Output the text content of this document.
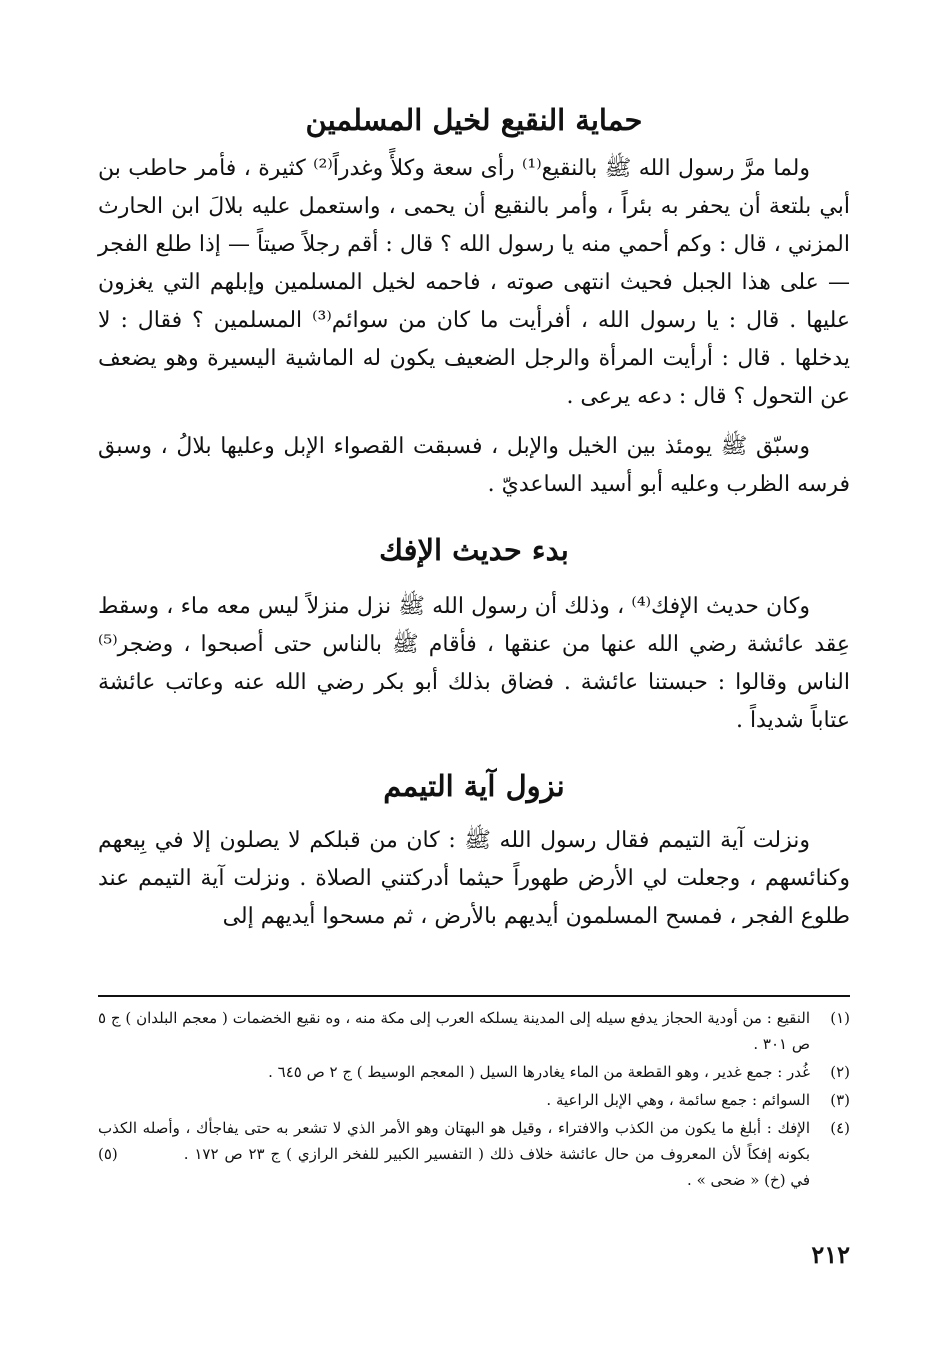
حماية النقيع لخيل المسلمين

ولما مرَّ رسول الله ﷺ بالنقيع⁽¹⁾ رأى سعة وكلأً وغدراً⁽²⁾ كثيرة ، فأمر حاطب بن أبي بلتعة أن يحفر به بئراً ، وأمر بالنقيع أن يحمى ، واستعمل عليه بلالَ ابن الحارث المزني ، قال : وكم أحمي منه يا رسول الله ؟ قال : أقم رجلاً صيتاً — إذا طلع الفجر — على هذا الجبل فحيث انتهى صوته ، فاحمه لخيل المسلمين وإبلهم التي يغزون عليها . قال : يا رسول الله ، أفرأيت ما كان من سوائم⁽³⁾ المسلمين ؟ فقال : لا يدخلها . قال : أرأيت المرأة والرجل الضعيف يكون له الماشية اليسيرة وهو يضعف عن التحول ؟ قال : دعه يرعى .

وسبّق ﷺ يومئذ بين الخيل والإبل ، فسبقت القصواء الإبل وعليها بلالُ ، وسبق فرسه الظرب وعليه أبو أسيد الساعديّ .

بدء حديث الإفك

وكان حديث الإفك⁽⁴⁾ ، وذلك أن رسول الله ﷺ نزل منزلاً ليس معه ماء ، وسقط عِقد عائشة رضي الله عنها من عنقها ، فأقام ﷺ بالناس حتى أصبحوا ، وضجر⁽⁵⁾ الناس وقالوا : حبستنا عائشة . فضاق بذلك أبو بكر رضي الله عنه وعاتب عائشة عتاباً شديداً .

نزول آية التيمم

ونزلت آية التيمم فقال رسول الله ﷺ : كان من قبلكم لا يصلون إلا في بِيعهم وكنائسهم ، وجعلت لي الأرض طهوراً حيثما أدركتني الصلاة . ونزلت آية التيمم عند طلوع الفجر ، فمسح المسلمون أيديهم بالأرض ، ثم مسحوا أيديهم إلى

(١)
النقيع : من أودية الحجاز يدفع سيله إلى المدينة يسلكه العرب إلى مكة منه ، وه نقيع الخضمات ( معجم البلدان ) ج ٥ ص ٣٠١ .
(٢)
غُدر : جمع غدير ، وهو القطعة من الماء يغادرها السيل ( المعجم الوسيط ) ج ٢ ص ٦٤٥ .
(٣)
السوائم : جمع سائمة ، وهي الإبل الراعية .
(٤)
الإفك : أبلغ ما يكون من الكذب والافتراء ، وقيل هو البهتان وهو الأمر الذي لا تشعر به حتى يفاجأك ، وأصله الكذب بكونه إفكاً لأن المعروف من حال عائشة خلاف ذلك ( التفسير الكبير للفخر الرازي ) ج ٢٣ ص ١٧٢ . (٥) في (خ) « ضحى » .
٢١٢
